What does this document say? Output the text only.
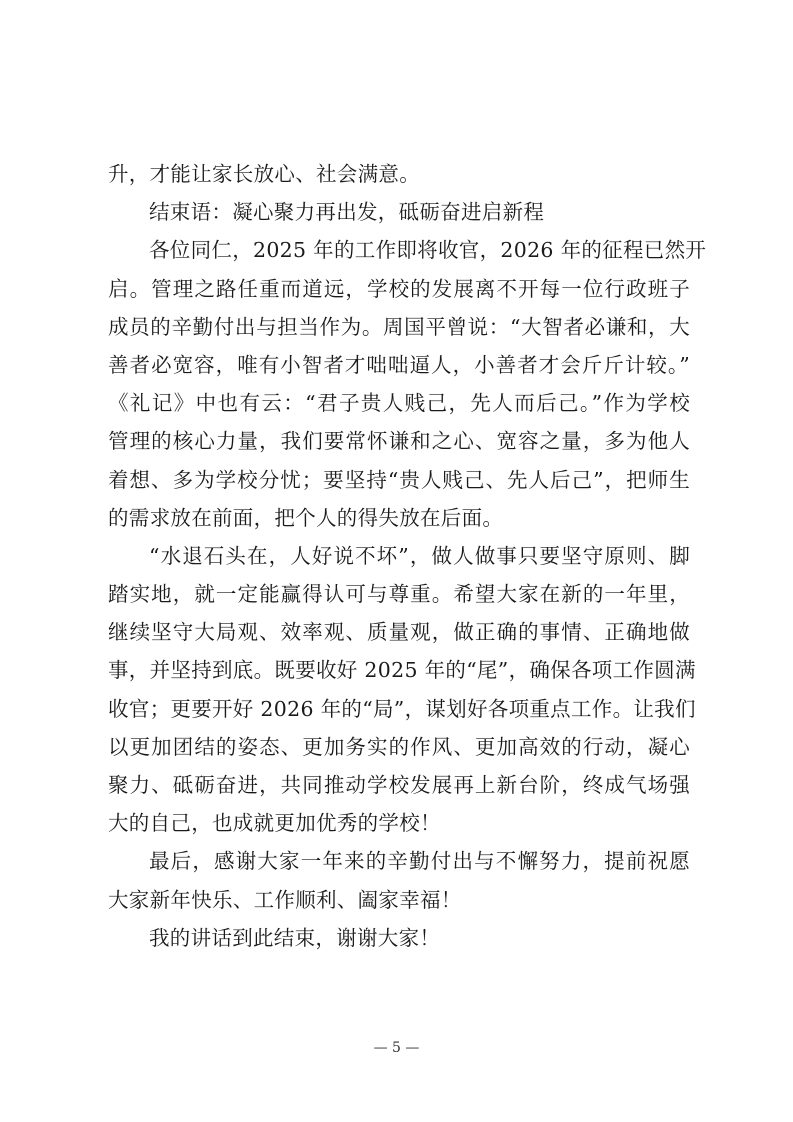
升，才能让家长放心、社会满意。
结束语：凝心聚力再出发，砥砺奋进启新程
各位同仁，2025 年的工作即将收官，2026 年的征程已然开
启。管理之路任重而道远，学校的发展离不开每一位行政班子
成员的辛勤付出与担当作为。周国平曾说：“大智者必谦和，大
善者必宽容，唯有小智者才咄咄逼人，小善者才会斤斤计较。”
《礼记》中也有云：“君子贵人贱己，先人而后己。”作为学校
管理的核心力量，我们要常怀谦和之心、宽容之量，多为他人
着想、多为学校分忧；要坚持“贵人贱己、先人后己”，把师生
的需求放在前面，把个人的得失放在后面。
“水退石头在，人好说不坏”，做人做事只要坚守原则、脚
踏实地，就一定能赢得认可与尊重。希望大家在新的一年里，
继续坚守大局观、效率观、质量观，做正确的事情、正确地做
事，并坚持到底。既要收好 2025 年的“尾”，确保各项工作圆满
收官；更要开好 2026 年的“局”，谋划好各项重点工作。让我们
以更加团结的姿态、更加务实的作风、更加高效的行动，凝心
聚力、砥砺奋进，共同推动学校发展再上新台阶，终成气场强
大的自己，也成就更加优秀的学校！
最后，感谢大家一年来的辛勤付出与不懈努力，提前祝愿
大家新年快乐、工作顺利、阖家幸福！
我的讲话到此结束，谢谢大家！
— 5 —
